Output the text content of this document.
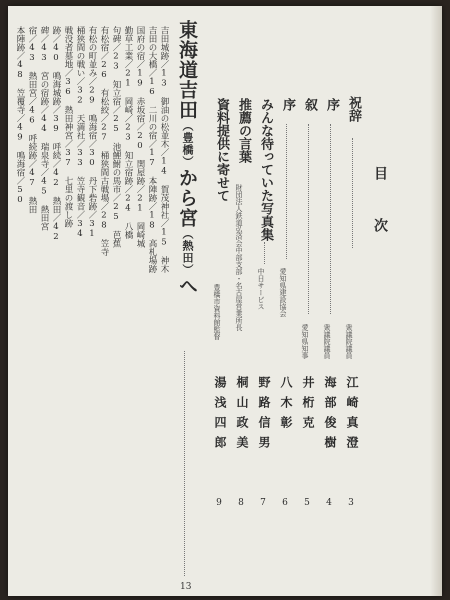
目次
祝辞
衆議院議員
江崎真澄
3
序
衆議院議員
海部俊樹
4
叙
愛知県知事
井桁克
5
序
愛知県建設協会
八木彰
6
みんな待っていた写真集
中日サービス
野路信男
7
推薦の言葉
財団法人鉄道弘済会中部支部・名古屋営業所長
桐山政美
8
資料提供に寄せて
豊橋市資料館監督
湯浅四郎
9
東海道吉田（豊橋）から宮（熱田）へ
吉田城跡／13　御油の松並木／14　賀茂神社／15　神木
吉田の大橋／16　二川の宿／17　本陣跡／18　高札場跡
国府の宿／19　赤坂宿／20　関屋跡／21　岡崎城
勤草工業／21　岡崎／23　知立宿跡／24　八橋
句碑／23　知立宿／25　池鯉鮒の馬市／25　芭蕉
有松宿／26　有松絞／27　桶狭間古戦場／28　笠寺
有松の町並み／29　鳴海宿／30　丹下砦跡／31
桶狭間の戦い／32　天満社／33　笠寺観音／34
戦没者墓地／36　熱田神宮／37　七里の渡し跡
跡／40　鳴海城跡／39　呼続／42　熱田／42
碑／43　宮の宿跡／44　瑞泉寺／45　熱田宮
宿／43　熱田宮／46　呼続跡／47　熱田
本陣跡／48　笠覆寺／49　鳴海宿／50
13
